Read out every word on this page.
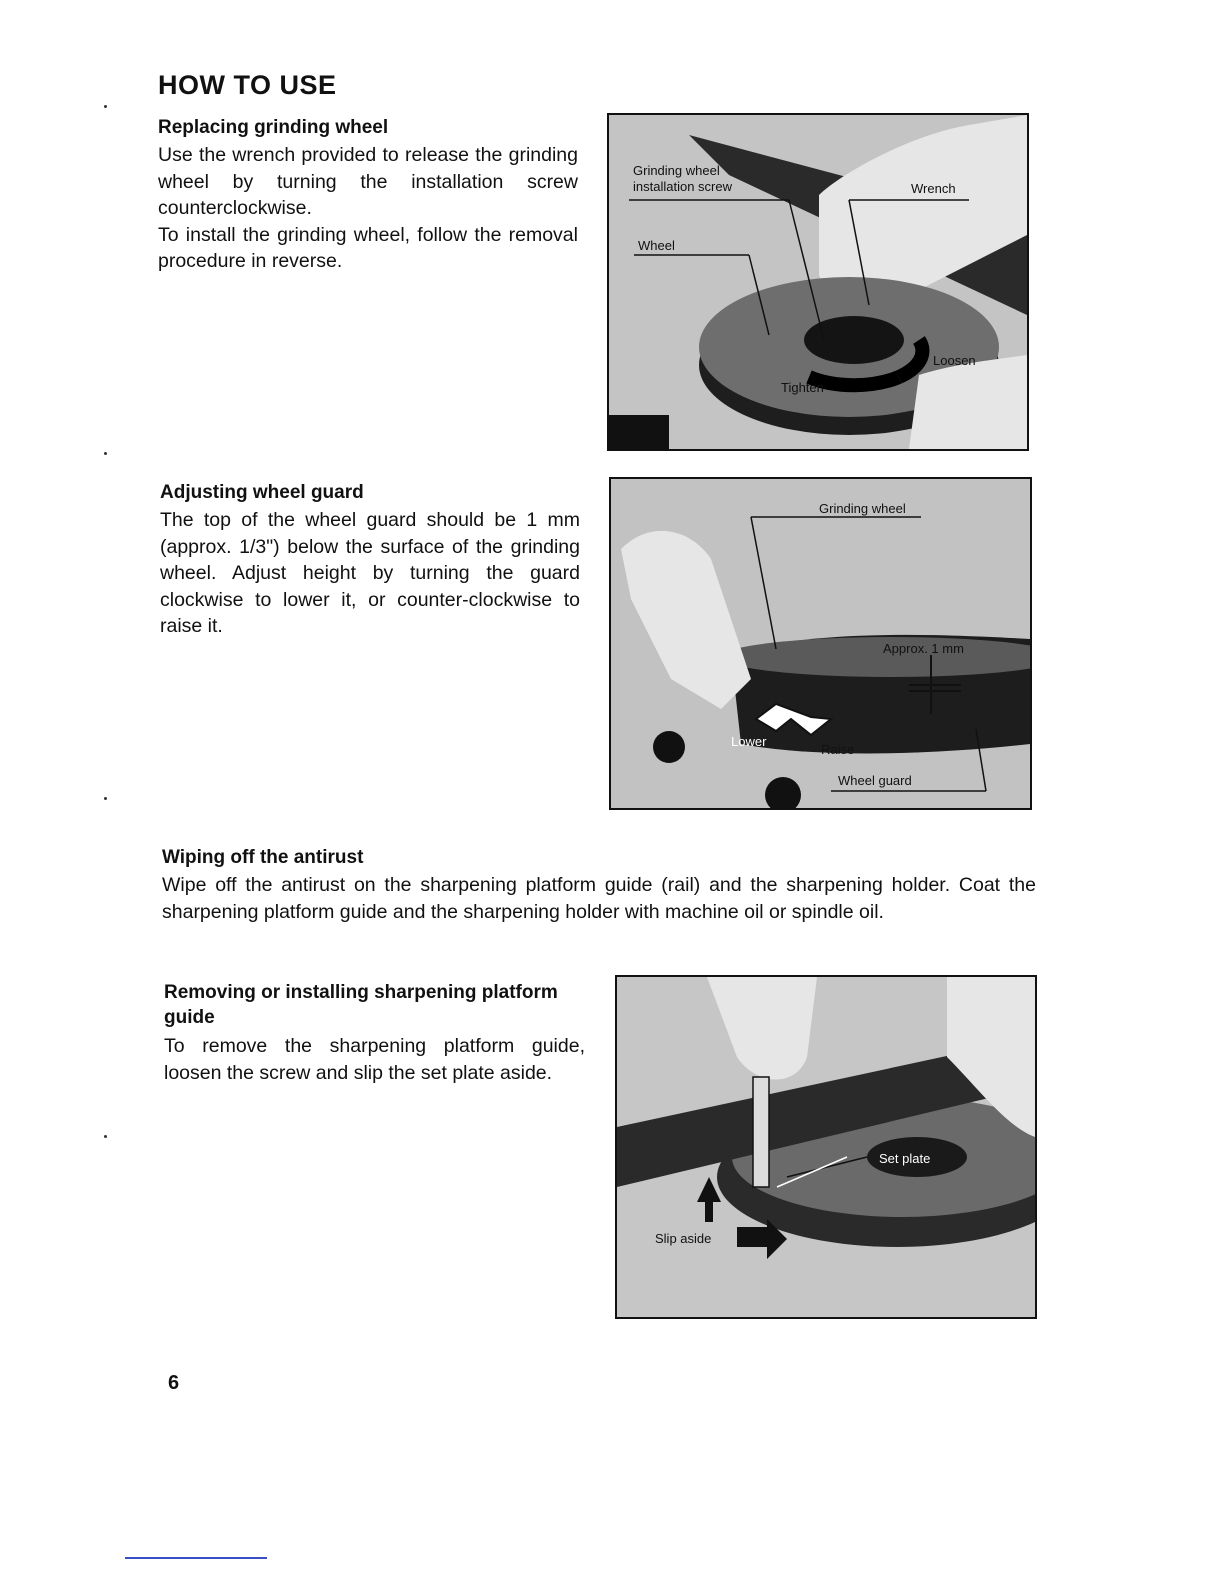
HOW TO USE
Replacing grinding wheel

Use the wrench provided to release the grinding wheel by turning the installation screw counterclockwise.

To install the grinding wheel, follow the removal procedure in reverse.

Grinding wheel
installation screw	Wrench
Wheel
Loosen
Tighten
Adjusting wheel guard

The top of the wheel guard should be 1 mm (approx. 1/3") below the surface of the grinding wheel. Adjust height by turning the guard clockwise to lower it, or counter-clockwise to raise it.

Grinding wheel
Approx. 1 mm
Lower
Raise
Wheel guard
Wiping off the antirust

Wipe off the antirust on the sharpening platform guide (rail) and the sharpening holder. Coat the sharpening platform guide and the sharpening holder with machine oil or spindle oil.

Removing or installing sharpening platform guide

To remove the sharpening platform guide, loosen the screw and slip the set plate aside.

Set plate
Slip aside
6
